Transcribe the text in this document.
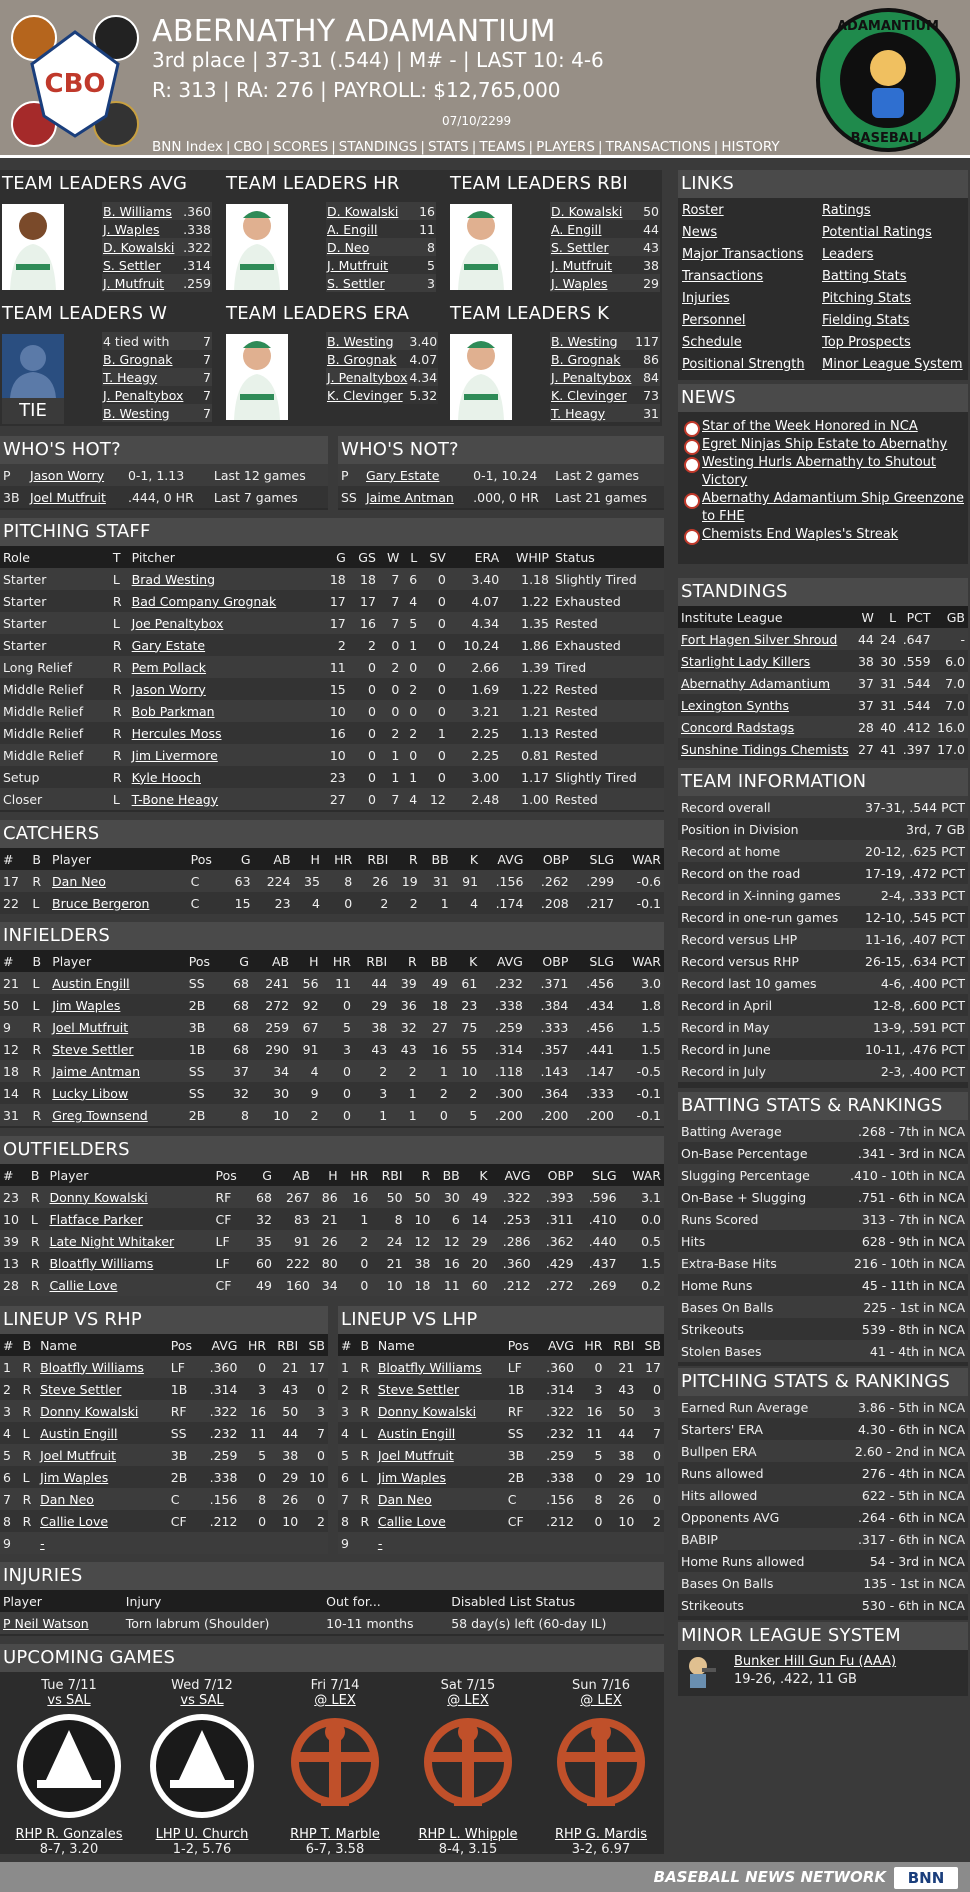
CBO
ABERNATHY ADAMANTIUM
3rd place | 37-31 (.544) | M# - | LAST 10: 4-6
R: 313 | RA: 276 | PAYROLL: $12,765,000
07/10/2299
BNN Index | CBO | SCORES | STANDINGS | STATS | TEAMS | PLAYERS | TRANSACTIONS | HISTORY
ADAMANTIUM
BASEBALL
TEAM LEADERS AVG
B. Williams	.360
J. Waples	.338
D. Kowalski	.322
S. Settler	.314
J. Mutfruit	.259
TEAM LEADERS HR
D. Kowalski	16
A. Engill	11
D. Neo	8
J. Mutfruit	5
S. Settler	3
TEAM LEADERS RBI
D. Kowalski	50
A. Engill	44
S. Settler	43
J. Mutfruit	38
J. Waples	29
TEAM LEADERS W
TIE
4 tied with	7
B. Grognak	7
T. Heagy	7
J. Penaltybox	7
B. Westing	7
TEAM LEADERS ERA
B. Westing	3.40
B. Grognak	4.07
J. Penaltybox	4.34
K. Clevinger	5.32
TEAM LEADERS K
B. Westing	117
B. Grognak	86
J. Penaltybox	84
K. Clevinger	73
T. Heagy	31
WHO'S HOT?
P	Jason Worry	0-1, 1.13	Last 12 games
3B	Joel Mutfruit	.444, 0 HR	Last 7 games
WHO'S NOT?
P	Gary Estate	0-1, 10.24	Last 2 games
SS	Jaime Antman	.000, 0 HR	Last 21 games
PITCHING STAFF
Role	T	Pitcher	G	GS	W	L	SV	ERA	WHIP	Status
Starter	L	Brad Westing	18	18	7	6	0	3.40	1.18	Slightly Tired
Starter	R	Bad Company Grognak	17	17	7	4	0	4.07	1.22	Exhausted
Starter	L	Joe Penaltybox	17	16	7	5	0	4.34	1.35	Rested
Starter	R	Gary Estate	2	2	0	1	0	10.24	1.86	Exhausted
Long Relief	R	Pem Pollack	11	0	2	0	0	2.66	1.39	Tired
Middle Relief	R	Jason Worry	15	0	0	2	0	1.69	1.22	Rested
Middle Relief	R	Bob Parkman	10	0	0	0	0	3.21	1.21	Rested
Middle Relief	R	Hercules Moss	16	0	2	2	1	2.25	1.13	Rested
Middle Relief	R	Jim Livermore	10	0	1	0	0	2.25	0.81	Rested
Setup	R	Kyle Hooch	23	0	1	1	0	3.00	1.17	Slightly Tired
Closer	L	T-Bone Heagy	27	0	7	4	12	2.48	1.00	Rested
CATCHERS
#	B	Player	Pos	G	AB	H	HR	RBI	R	BB	K	AVG	OBP	SLG	WAR
17	R	Dan Neo	C	63	224	35	8	26	19	31	91	.156	.262	.299	-0.6
22	L	Bruce Bergeron	C	15	23	4	0	2	2	1	4	.174	.208	.217	-0.1
INFIELDERS
#	B	Player	Pos	G	AB	H	HR	RBI	R	BB	K	AVG	OBP	SLG	WAR
21	L	Austin Engill	SS	68	241	56	11	44	39	49	61	.232	.371	.456	3.0
50	L	Jim Waples	2B	68	272	92	0	29	36	18	23	.338	.384	.434	1.8
9	R	Joel Mutfruit	3B	68	259	67	5	38	32	27	75	.259	.333	.456	1.5
12	R	Steve Settler	1B	68	290	91	3	43	43	16	55	.314	.357	.441	1.5
18	R	Jaime Antman	SS	37	34	4	0	2	2	1	10	.118	.143	.147	-0.5
14	R	Lucky Libow	SS	32	30	9	0	3	1	2	2	.300	.364	.333	-0.1
31	R	Greg Townsend	2B	8	10	2	0	1	1	0	5	.200	.200	.200	-0.1
OUTFIELDERS
#	B	Player	Pos	G	AB	H	HR	RBI	R	BB	K	AVG	OBP	SLG	WAR
23	R	Donny Kowalski	RF	68	267	86	16	50	50	30	49	.322	.393	.596	3.1
10	L	Flatface Parker	CF	32	83	21	1	8	10	6	14	.253	.311	.410	0.0
39	R	Late Night Whitaker	LF	35	91	26	2	24	12	12	29	.286	.362	.440	0.5
13	R	Bloatfly Williams	LF	60	222	80	0	21	38	16	20	.360	.429	.437	1.5
28	R	Callie Love	CF	49	160	34	0	10	18	11	60	.212	.272	.269	0.2
LINEUP VS RHP
#	B	Name	Pos	AVG	HR	RBI	SB
1	R	Bloatfly Williams	LF	.360	0	21	17
2	R	Steve Settler	1B	.314	3	43	0
3	R	Donny Kowalski	RF	.322	16	50	3
4	L	Austin Engill	SS	.232	11	44	7
5	R	Joel Mutfruit	3B	.259	5	38	0
6	L	Jim Waples	2B	.338	0	29	10
7	R	Dan Neo	C	.156	8	26	0
8	R	Callie Love	CF	.212	0	10	2
9		-					
LINEUP VS LHP
#	B	Name	Pos	AVG	HR	RBI	SB
1	R	Bloatfly Williams	LF	.360	0	21	17
2	R	Steve Settler	1B	.314	3	43	0
3	R	Donny Kowalski	RF	.322	16	50	3
4	L	Austin Engill	SS	.232	11	44	7
5	R	Joel Mutfruit	3B	.259	5	38	0
6	L	Jim Waples	2B	.338	0	29	10
7	R	Dan Neo	C	.156	8	26	0
8	R	Callie Love	CF	.212	0	10	2
9		-					
INJURIES
Player	Injury	Out for...	Disabled List Status
P Neil Watson	Torn labrum (Shoulder)	10-11 months	58 day(s) left (60-day IL)
UPCOMING GAMES
Tue 7/11
vs SAL
RHP R. Gonzales
8-7, 3.20
Wed 7/12
vs SAL
LHP U. Church
1-2, 5.76
Fri 7/14
@ LEX
RHP T. Marble
6-7, 3.58
Sat 7/15
@ LEX
RHP L. Whipple
8-4, 3.15
Sun 7/16
@ LEX
RHP G. Mardis
3-2, 6.97
LINKS
Roster	Ratings
News	Potential Ratings
Major Transactions	Leaders
Transactions	Batting Stats
Injuries	Pitching Stats
Personnel	Fielding Stats
Schedule	Top Prospects
Positional Strength	Minor League System
NEWS
Star of the Week Honored in NCA
Egret Ninjas Ship Estate to Abernathy
Westing Hurls Abernathy to Shutout Victory
Abernathy Adamantium Ship Greenzone to FHE
Chemists End Waples's Streak
STANDINGS
Institute League	W	L	PCT	GB
Fort Hagen Silver Shroud	44	24	.647	-
Starlight Lady Killers	38	30	.559	6.0
Abernathy Adamantium	37	31	.544	7.0
Lexington Synths	37	31	.544	7.0
Concord Radstags	28	40	.412	16.0
Sunshine Tidings Chemists	27	41	.397	17.0
TEAM INFORMATION
Record overall	37-31, .544 PCT
Position in Division	3rd, 7 GB
Record at home	20-12, .625 PCT
Record on the road	17-19, .472 PCT
Record in X-inning games	2-4, .333 PCT
Record in one-run games	12-10, .545 PCT
Record versus LHP	11-16, .407 PCT
Record versus RHP	26-15, .634 PCT
Record last 10 games	4-6, .400 PCT
Record in April	12-8, .600 PCT
Record in May	13-9, .591 PCT
Record in June	10-11, .476 PCT
Record in July	2-3, .400 PCT
BATTING STATS & RANKINGS
Batting Average	.268 - 7th in NCA
On-Base Percentage	.341 - 3rd in NCA
Slugging Percentage	.410 - 10th in NCA
On-Base + Slugging	.751 - 6th in NCA
Runs Scored	313 - 7th in NCA
Hits	628 - 9th in NCA
Extra-Base Hits	216 - 10th in NCA
Home Runs	45 - 11th in NCA
Bases On Balls	225 - 1st in NCA
Strikeouts	539 - 8th in NCA
Stolen Bases	41 - 4th in NCA
PITCHING STATS & RANKINGS
Earned Run Average	3.86 - 5th in NCA
Starters' ERA	4.30 - 6th in NCA
Bullpen ERA	2.60 - 2nd in NCA
Runs allowed	276 - 4th in NCA
Hits allowed	622 - 5th in NCA
Opponents AVG	.264 - 6th in NCA
BABIP	.317 - 6th in NCA
Home Runs allowed	54 - 3rd in NCA
Bases On Balls	135 - 1st in NCA
Strikeouts	530 - 6th in NCA
MINOR LEAGUE SYSTEM
Bunker Hill Gun Fu (AAA)
19-26, .422, 11 GB
BASEBALL NEWS NETWORK	BNN
